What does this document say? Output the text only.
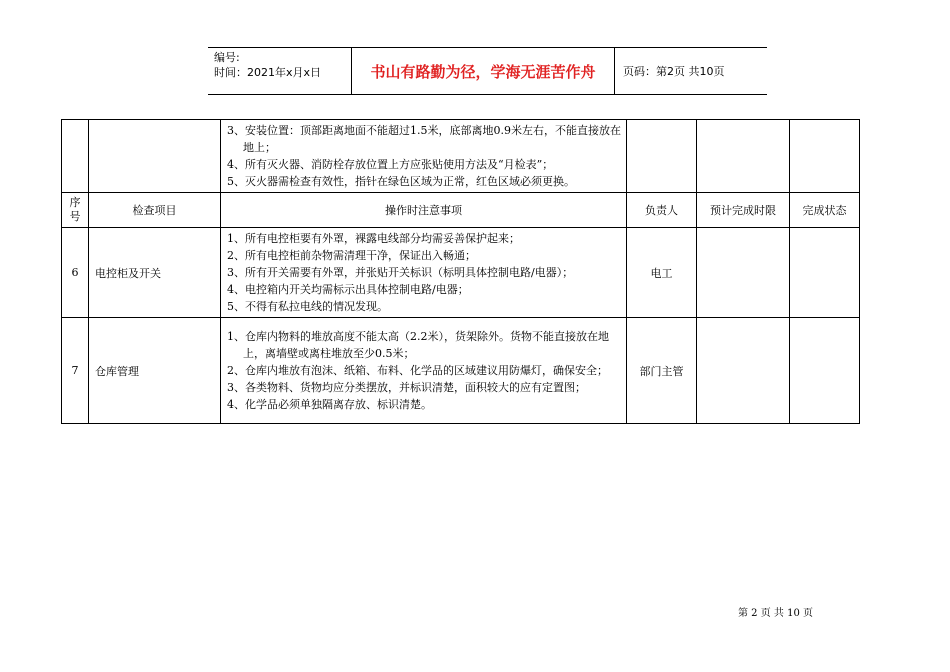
编号:
时间：2021年x月x日	书山有路勤为径，学海无涯苦作舟	页码：第2页 共10页

		3、安装位置：顶部距离地面不能超过1.5米，底部离地0.9米左右，不能直接放在地上；
4、所有灭火器、消防栓存放位置上方应张贴使用方法及“月检表”；
5、灭火器需检查有效性，指针在绿色区域为正常，红色区域必须更换。			

序号	检查项目	操作时注意事项	负责人	预计完成时限	完成状态
6	电控柜及开关	1、所有电控柜要有外罩，裸露电线部分均需妥善保护起来；
2、所有电控柜前杂物需清理干净，保证出入畅通；
3、所有开关需要有外罩，并张贴开关标识（标明具体控制电路/电器）；
4、电控箱内开关均需标示出具体控制电路/电器；
5、不得有私拉电线的情况发现。	电工		
7	仓库管理	1、仓库内物料的堆放高度不能太高（2.2米），货架除外。货物不能直接放在地上，离墙壁或离柱堆放至少0.5米；
2、仓库内堆放有泡沫、纸箱、布料、化学品的区域建议用防爆灯，确保安全；
3、各类物料、货物均应分类摆放，并标识清楚，面积较大的应有定置图；
4、化学品必须单独隔离存放、标识清楚。	部门主管		
第 2 页 共 10 页
